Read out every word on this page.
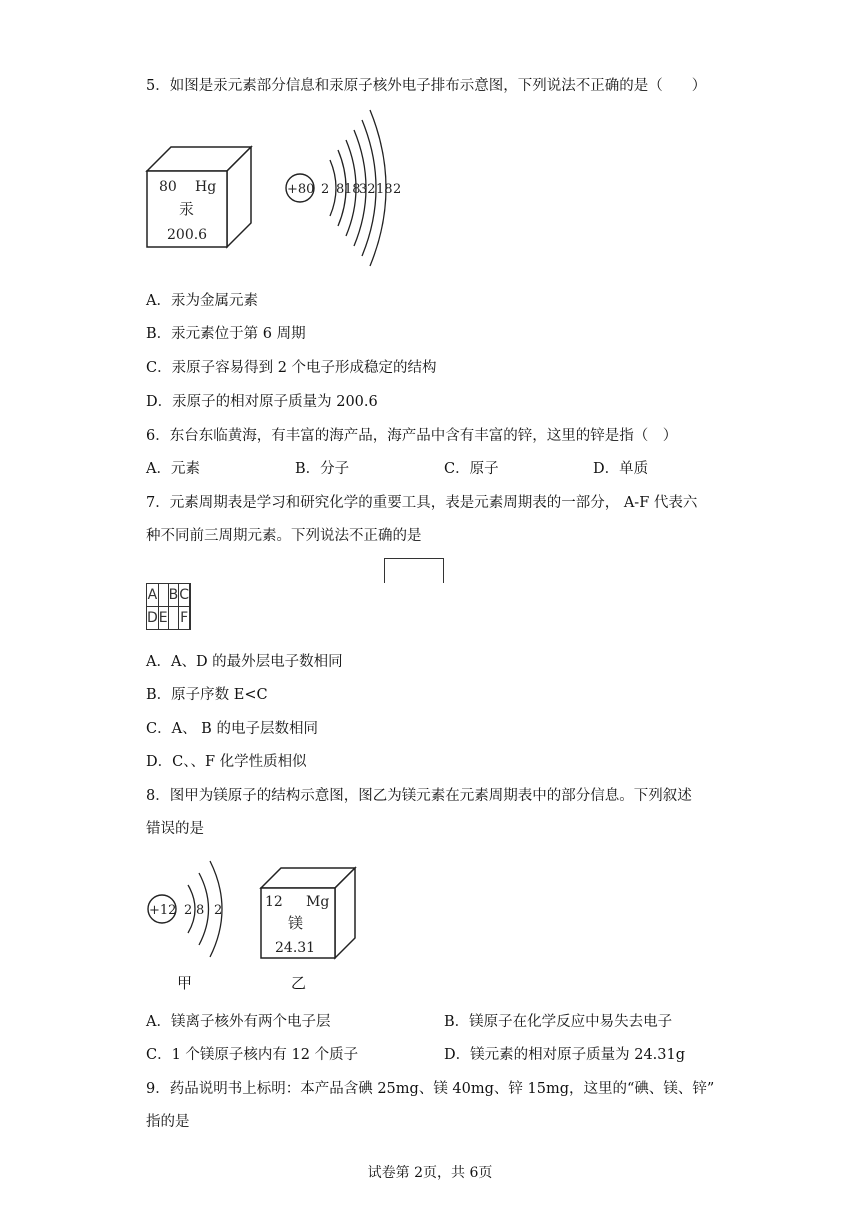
5．如图是汞元素部分信息和汞原子核外电子排布示意图，下列说法不正确的是（　　）
80 Hg
汞
200.6
+80 2 8 18
32 18 2
A．汞为金属元素
B．汞元素位于第 6 周期
C．汞原子容易得到 2 个电子形成稳定的结构
D．汞原子的相对原子质量为 200.6
6．东台东临黄海，有丰富的海产品，海产品中含有丰富的锌，这里的锌是指（　）
A．元素	B．分子	C．原子	D．单质
7．元素周期表是学习和研究化学的重要工具，表是元素周期表的一部分， A-F 代表六
种不同前三周期元素。下列说法不正确的是
A		B	C	
D	E		F	
A．A、D 的最外层电子数相同
B．原子序数 E<C
C．A、 B 的电子层数相同
D．C、、F 化学性质相似
8．图甲为镁原子的结构示意图，图乙为镁元素在元素周期表中的部分信息。下列叙述
错误的是
+12 2 8 2
12 Mg
镁
24.31
甲	乙
A．镁离子核外有两个电子层	B．镁原子在化学反应中易失去电子
C．1 个镁原子核内有 12 个质子	D．镁元素的相对原子质量为 24.31g
9．药品说明书上标明：本产品含碘 25mg、镁 40mg、锌 15mg，这里的“碘、镁、锌”
指的是
试卷第 2页，共 6页
